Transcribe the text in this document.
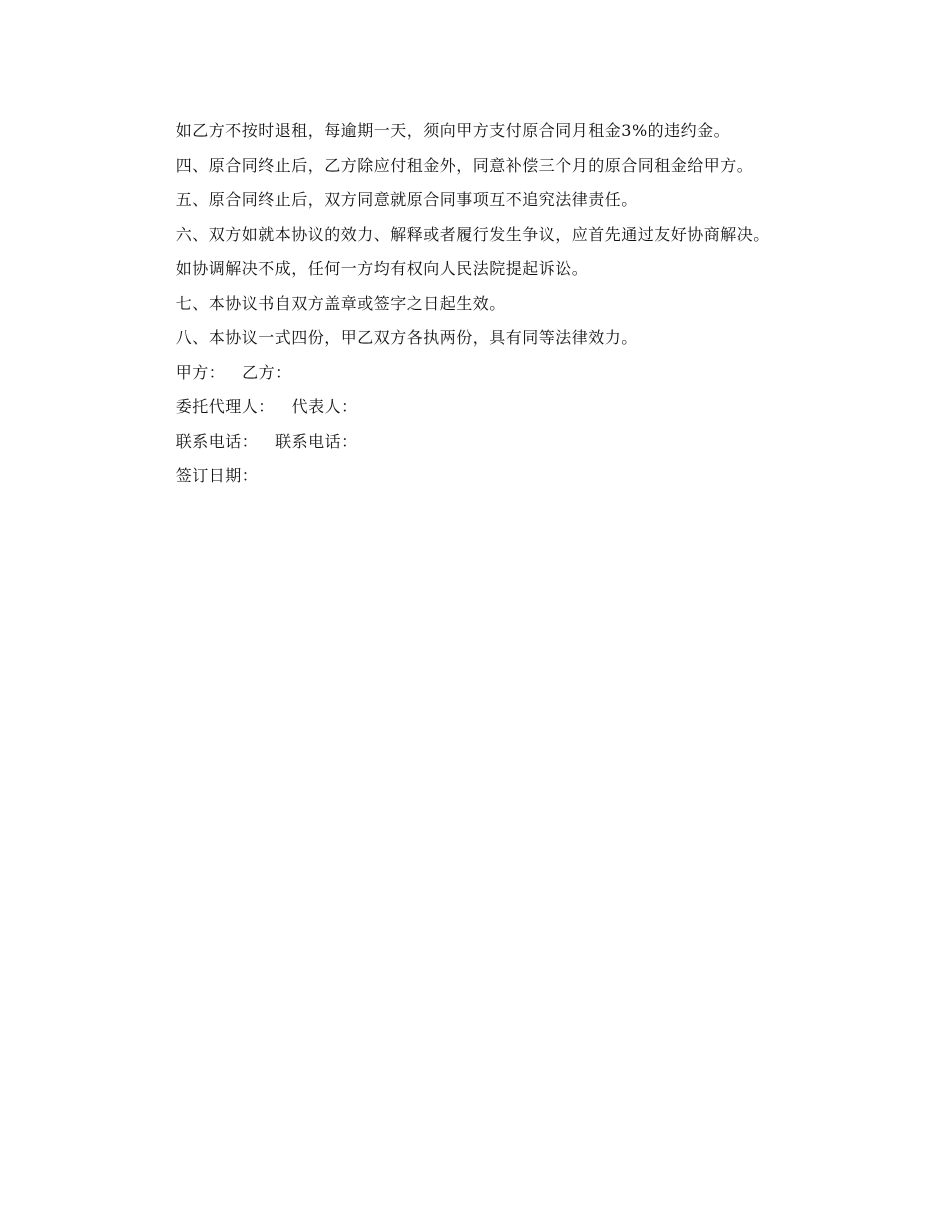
如乙方不按时退租，每逾期一天，须向甲方支付原合同月租金3%的违约金。

四、原合同终止后，乙方除应付租金外，同意补偿三个月的原合同租金给甲方。

五、原合同终止后，双方同意就原合同事项互不追究法律责任。

六、双方如就本协议的效力、解释或者履行发生争议，应首先通过友好协商解决。

如协调解决不成，任何一方均有权向人民法院提起诉讼。

七、本协议书自双方盖章或签字之日起生效。

八、本协议一式四份，甲乙双方各执两份，具有同等法律效力。

甲方： 乙方：

委托代理人： 代表人：

联系电话： 联系电话：

签订日期：
